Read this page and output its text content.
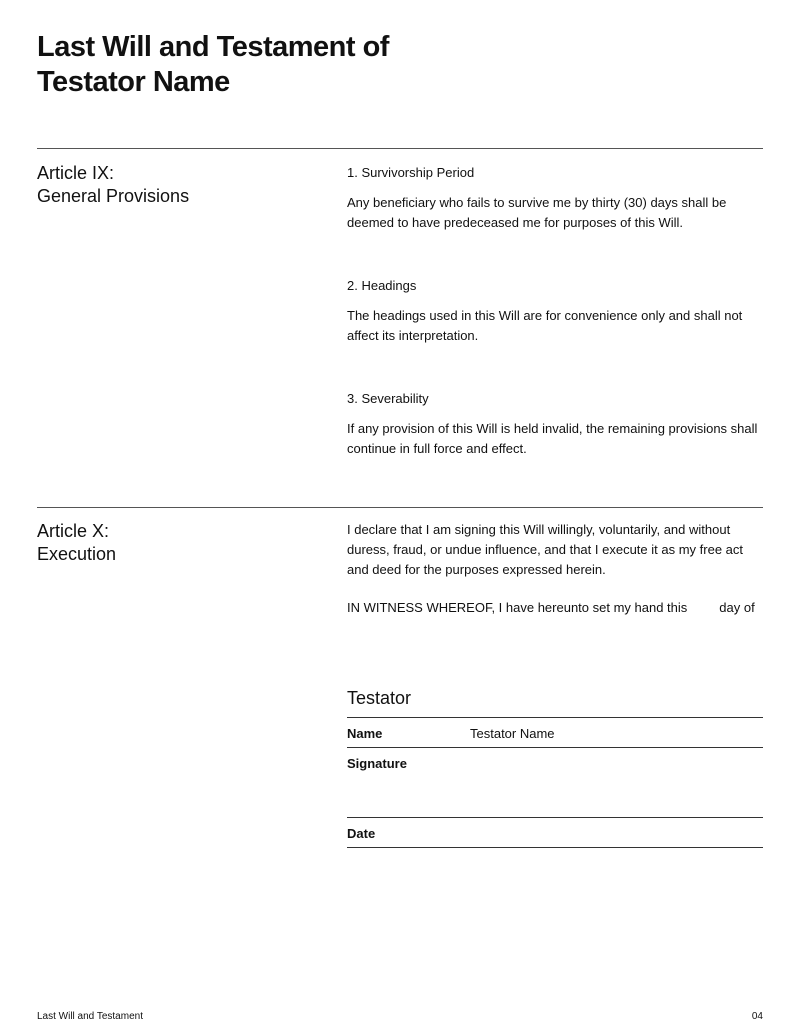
Last Will and Testament of
Testator Name
Article IX:
General Provisions
1. Survivorship Period
Any beneficiary who fails to survive me by thirty (30) days shall be deemed to have predeceased me for purposes of this Will.
2. Headings
The headings used in this Will are for convenience only and shall not affect its interpretation.
3. Severability
If any provision of this Will is held invalid, the remaining provisions shall continue in full force and effect.
Article X:
Execution
I declare that I am signing this Will willingly, voluntarily, and without duress, fraud, or undue influence, and that I execute it as my free act and deed for the purposes expressed herein.
IN WITNESS WHEREOF, I have hereunto set my hand this day of
Testator
Name	Testator Name
Signature
Date
Last Will and Testament	04
